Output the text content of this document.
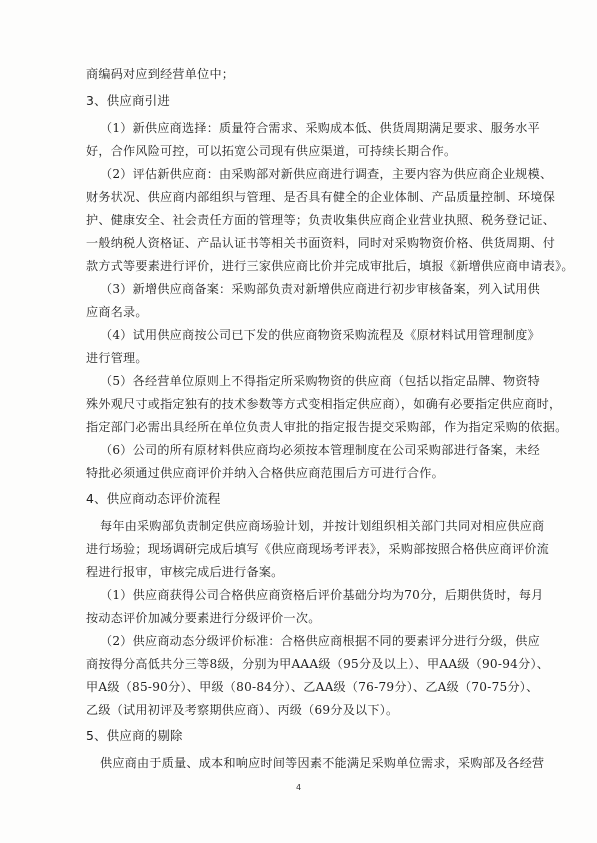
商编码对应到经营单位中；
3、供应商引进
（1）新供应商选择：质量符合需求、采购成本低、供货周期满足要求、服务水平
好，合作风险可控，可以拓宽公司现有供应渠道，可持续长期合作。
（2）评估新供应商：由采购部对新供应商进行调查，主要内容为供应商企业规模、
财务状况、供应商内部组织与管理、是否具有健全的企业体制、产品质量控制、环境保
护、健康安全、社会责任方面的管理等；负责收集供应商企业营业执照、税务登记证、
一般纳税人资格证、产品认证书等相关书面资料，同时对采购物资价格、供货周期、付
款方式等要素进行评价，进行三家供应商比价并完成审批后，填报《新增供应商申请表》。
（3）新增供应商备案：采购部负责对新增供应商进行初步审核备案，列入试用供
应商名录。
（4）试用供应商按公司已下发的供应商物资采购流程及《原材料试用管理制度》
进行管理。
（5）各经营单位原则上不得指定所采购物资的供应商（包括以指定品牌、物资特
殊外观尺寸或指定独有的技术参数等方式变相指定供应商），如确有必要指定供应商时，
指定部门必需出具经所在单位负责人审批的指定报告提交采购部，作为指定采购的依据。
（6）公司的所有原材料供应商均必须按本管理制度在公司采购部进行备案，未经
特批必须通过供应商评价并纳入合格供应商范围后方可进行合作。
4、供应商动态评价流程
每年由采购部负责制定供应商场验计划，并按计划组织相关部门共同对相应供应商
进行场验；现场调研完成后填写《供应商现场考评表》，采购部按照合格供应商评价流
程进行报审，审核完成后进行备案。
（1）供应商获得公司合格供应商资格后评价基础分均为70分，后期供货时，每月
按动态评价加减分要素进行分级评价一次。
（2）供应商动态分级评价标准：合格供应商根据不同的要素评分进行分级，供应
商按得分高低共分三等8级，分别为甲AAA级（95分及以上）、甲AA级（90-94分）、
甲A级（85-90分）、甲级（80-84分）、乙AA级（76-79分）、乙A级（70-75分）、
乙级（试用初评及考察期供应商）、丙级（69分及以下）。
5、供应商的剔除
供应商由于质量、成本和响应时间等因素不能满足采购单位需求，采购部及各经营
4
